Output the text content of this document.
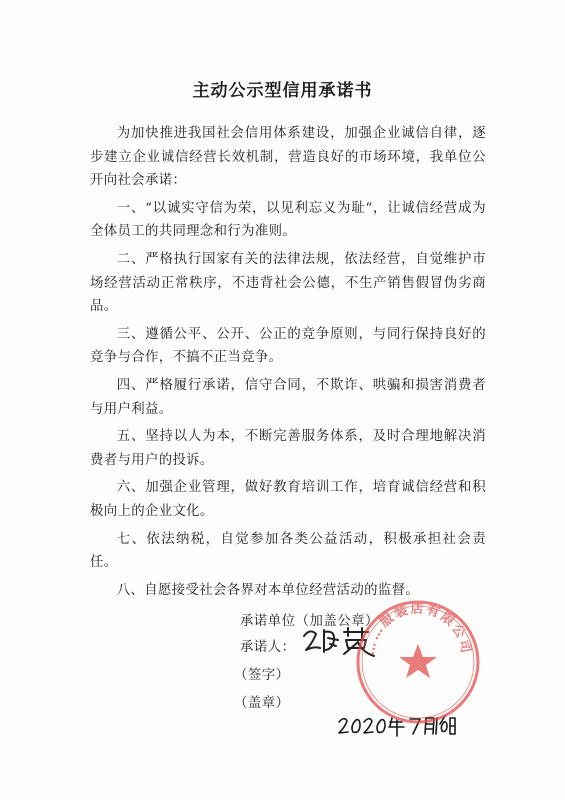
主动公示型信用承诺书

为加快推进我国社会信用体系建设，加强企业诚信自律，逐步建立企业诚信经营长效机制，营造良好的市场环境，我单位公开向社会承诺：

一、“以诚实守信为荣，以见利忘义为耻“，让诚信经营成为全体员工的共同理念和行为准则。

二、严格执行国家有关的法律法规，依法经营，自觉维护市场经营活动正常秩序，不违背社会公德，不生产销售假冒伪劣商品。

三、遵循公平、公开、公正的竞争原则，与同行保持良好的竞争与合作，不搞不正当竞争。

四、严格履行承诺，信守合同，不欺诈、哄骗和损害消费者与用户利益。

五、坚持以人为本，不断完善服务体系，及时合理地解决消费者与用户的投诉。

六、加强企业管理，做好教育培训工作，培育诚信经营和积极向上的企业文化。

七、依法纳税，自觉参加各类公益活动，积极承担社会责任。

八、自愿接受社会各界对本单位经营活动的监督。

承诺单位（加盖公章）
承诺人：
（签字）
（盖章）
……服装店有限公司
